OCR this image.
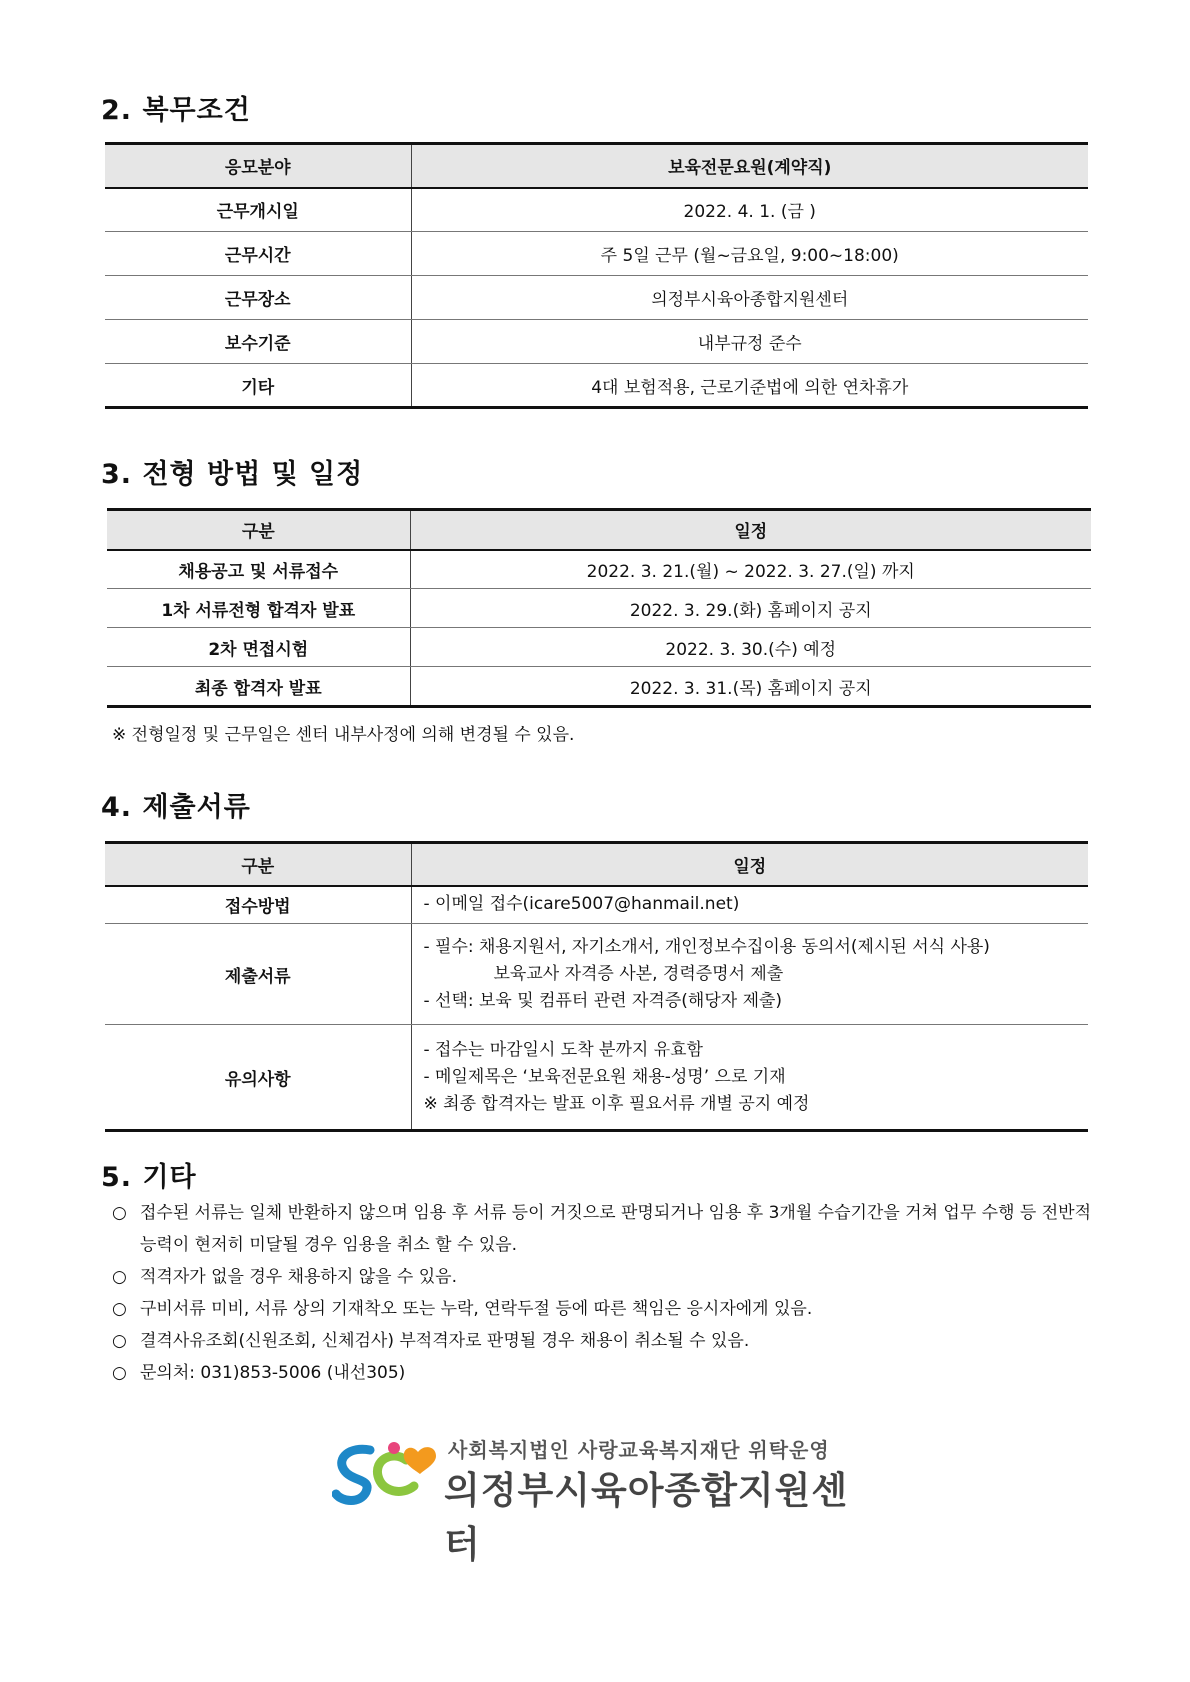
2. 복무조건
응모분야	보육전문요원(계약직)
근무개시일	2022. 4. 1. (금 )
근무시간	주 5일 근무 (월~금요일, 9:00~18:00)
근무장소	의정부시육아종합지원센터
보수기준	내부규정 준수
기타	4대 보험적용, 근로기준법에 의한 연차휴가
3. 전형 방법 및 일정
구분	일정
채용공고 및 서류접수	2022. 3. 21.(월) ~ 2022. 3. 27.(일) 까지
1차 서류전형 합격자 발표	2022. 3. 29.(화) 홈페이지 공지
2차 면접시험	2022. 3. 30.(수) 예정
최종 합격자 발표	2022. 3. 31.(목) 홈페이지 공지

※ 전형일정 및 근무일은 센터 내부사정에 의해 변경될 수 있음.

4. 제출서류
구분	일정
접수방법	- 이메일 접수(icare5007@hanmail.net)

제출서류	- 필수: 채용지원서, 자기소개서, 개인정보수집이용 동의서(제시된 서식 사용)
보육교사 자격증 사본, 경력증명서 제출
- 선택: 보육 및 컴퓨터 관련 자격증(해당자 제출)

유의사항	- 접수는 마감일시 도착 분까지 유효함
- 메일제목은 ‘보육전문요원 채용-성명’ 으로 기재
※ 최종 합격자는 발표 이후 필요서류 개별 공지 예정
5. 기타
○ 접수된 서류는 일체 반환하지 않으며 임용 후 서류 등이 거짓으로 판명되거나 임용 후 3개월 수습기간을 거쳐 업무 수행 등 전반적 능력이 현저히 미달될 경우 임용을 취소 할 수 있음.
○ 적격자가 없을 경우 채용하지 않을 수 있음.
○ 구비서류 미비, 서류 상의 기재착오 또는 누락, 연락두절 등에 따른 책임은 응시자에게 있음.
○ 결격사유조회(신원조회, 신체검사) 부적격자로 판명될 경우 채용이 취소될 수 있음.
○ 문의처: 031)853-5006 (내선305)
사회복지법인 사랑교육복지재단 위탁운영
의정부시육아종합지원센터
